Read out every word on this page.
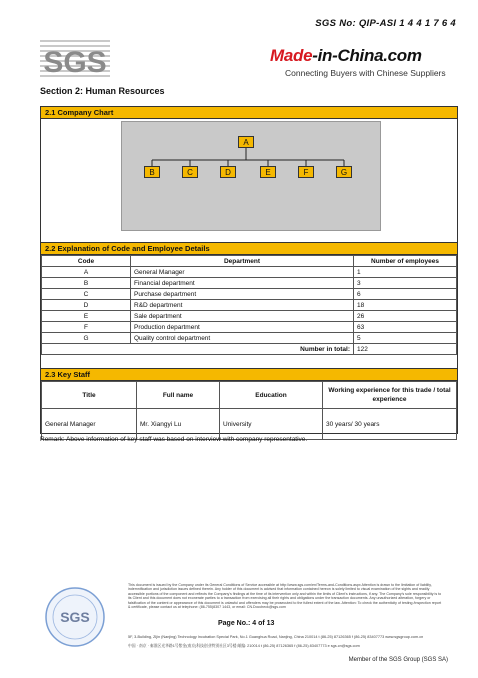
SGS No: QIP-ASI 1 4 4 1 7 6 4
SGS	Made-in-China.com
Connecting Buyers with Chinese Suppliers
Section 2: Human Resources
2.1 Company Chart
A
B	C	D	E	F	G
2.2 Explanation of Code and Employee Details
Code	Department	Number of employees
A	General Manager	1
B	Financial department	3
C	Purchase department	6
D	R&D department	18
E	Sale department	26
F	Production department	63
G	Quality control department	5
Number in total:		122
2.3 Key Staff
Title	Full name	Education	Working experience for this trade / total experience
General Manager	Mr. Xiangyi Lu	University	30 years/ 30 years
Remark: Above information of key staff was based on interview with company representative.
SGS
This document is issued by the Company under its General Conditions of Service accessible at http://www.sgs.com/en/Terms-and-Conditions.aspx Attention is drawn to the limitation of liability, indemnification and jurisdiction issues defined therein. Any holder of this document is advised that information contained hereon is solely limited to visual examination of the sights and readily accessible portions of the component and reflects the Company's findings at the time of its intervention only and within the limits of Client's instructions, if any. The Company's sole responsibility is to its Client and this document does not exonerate parties to a transaction from exercising all their rights and obligations under the transaction documents. Any unauthorized alteration, forgery or falsification of the content or appearance of this document is unlawful and offenders may be prosecuted to the fullest extent of the law. Attention: To check the authenticity of testing /inspection report & certificate, please contact us at telephone: (86-755)8307 1443, or email: CN.Doccheck@sgs.com
Page No.: 4 of 13
5F, 3-Building, Zijin (Nanjing) Technology Incubation Special Park, No.1 Guanghua Road, Nanjing, China 210014 t (86-25) 87126365 f (86-25) 83407773 www.sgsgroup.com.cn
中国 · 南京 · 秦淮区光华路1号紫金(南京)科技创业特别社区3号楼 邮编: 210014 t (86-25) 87126365 f (86-25) 83407773 e sgs.cn@sgs.com
Member of the SGS Group (SGS SA)
